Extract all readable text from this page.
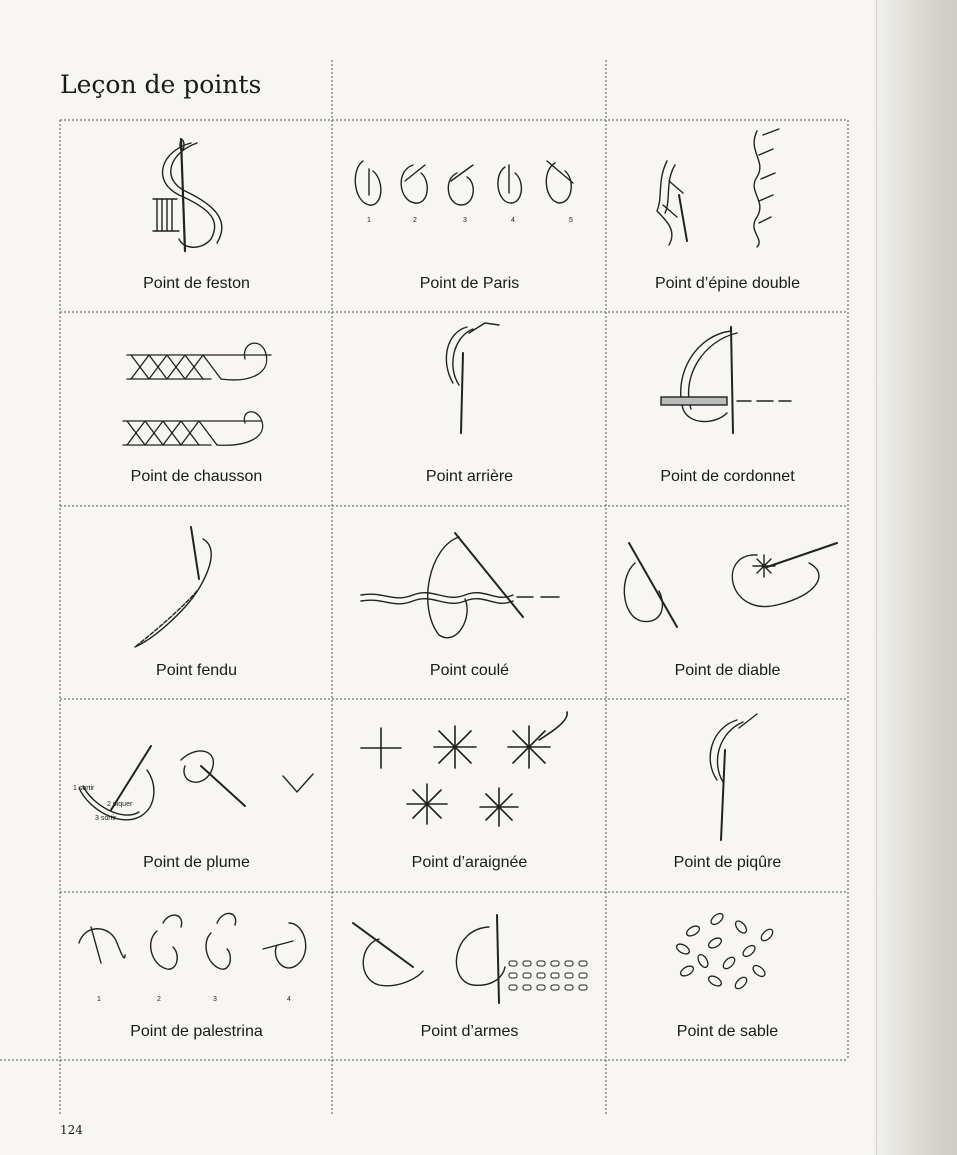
Leçon de points
Point de feston
1	2	3	4	5
Point de Paris	Point d’épine double
Point de chausson	Point arrière	Point de cordonnet
Point fendu	Point coulé	Point de diable
1 sortir
2 piquer
3 sortir
Point de plume	Point d’araignée	Point de piqûre
1	2	3	4
Point de palestrina	Point d’armes	Point de sable
124
